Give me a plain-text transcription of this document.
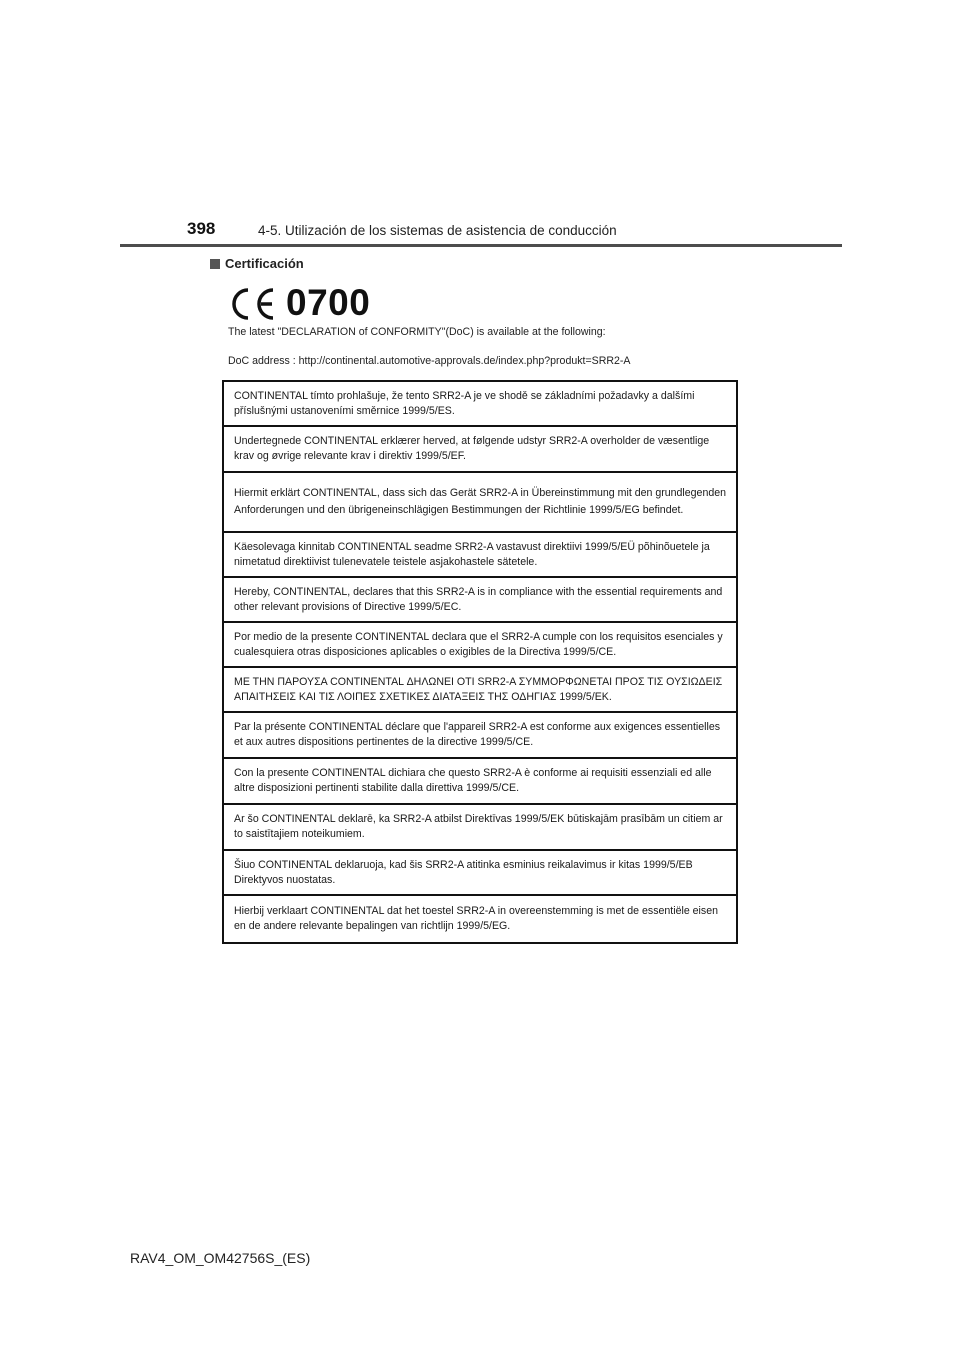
398	4-5. Utilización de los sistemas de asistencia de conducción
Certificación
0700
The latest "DECLARATION of CONFORMITY"(DoC) is available at the following:
DoC address : http://continental.automotive-approvals.de/index.php?produkt=SRR2-A
CONTINENTAL tímto prohlašuje, že tento SRR2-A je ve shodě se základními požadavky a dalšími příslušnými ustanoveními směrnice 1999/5/ES.
Undertegnede CONTINENTAL erklærer herved, at følgende udstyr SRR2-A overholder de væsentlige krav og øvrige relevante krav i direktiv 1999/5/EF.
Hiermit erklärt CONTINENTAL, dass sich das Gerät SRR2-A in Übereinstimmung mit den grundlegenden Anforderungen und den übrigeneinschlägigen Bestimmungen der Richtlinie 1999/5/EG befindet.
Käesolevaga kinnitab CONTINENTAL seadme SRR2-A vastavust direktiivi 1999/5/EÜ põhinõuetele ja nimetatud direktiivist tulenevatele teistele asjakohastele sätetele.
Hereby, CONTINENTAL, declares that this SRR2-A is in compliance with the essential requirements and other relevant provisions of Directive 1999/5/EC.
Por medio de la presente CONTINENTAL declara que el SRR2-A cumple con los requisitos esenciales y cualesquiera otras disposiciones aplicables o exigibles de la Directiva 1999/5/CE.
ΜΕ ΤΗΝ ΠΑΡΟΥΣΑ CONTINENTAL ΔΗΛΩΝΕΙ ΟΤΙ SRR2-A ΣΥΜΜΟΡΦΩΝΕΤΑΙ ΠΡΟΣ ΤΙΣ ΟΥΣΙΩΔΕΙΣ ΑΠΑΙΤΗΣΕΙΣ ΚΑΙ ΤΙΣ ΛΟΙΠΕΣ ΣΧΕΤΙΚΕΣ ΔΙΑΤΑΞΕΙΣ ΤΗΣ ΟΔΗΓΙΑΣ 1999/5/ΕΚ.
Par la présente CONTINENTAL déclare que l'appareil SRR2-A est conforme aux exigences essentielles et aux autres dispositions pertinentes de la directive 1999/5/CE.
Con la presente CONTINENTAL dichiara che questo SRR2-A è conforme ai requisiti essenziali ed alle altre disposizioni pertinenti stabilite dalla direttiva 1999/5/CE.
Ar šo CONTINENTAL deklarē, ka SRR2-A atbilst Direktīvas 1999/5/EK būtiskajām prasībām un citiem ar to saistītajiem noteikumiem.
Šiuo CONTINENTAL deklaruoja, kad šis SRR2-A atitinka esminius reikalavimus ir kitas 1999/5/EB Direktyvos nuostatas.
Hierbij verklaart CONTINENTAL dat het toestel SRR2-A in overeenstemming is met de essentiële eisen en de andere relevante bepalingen van richtlijn 1999/5/EG.
RAV4_OM_OM42756S_(ES)
